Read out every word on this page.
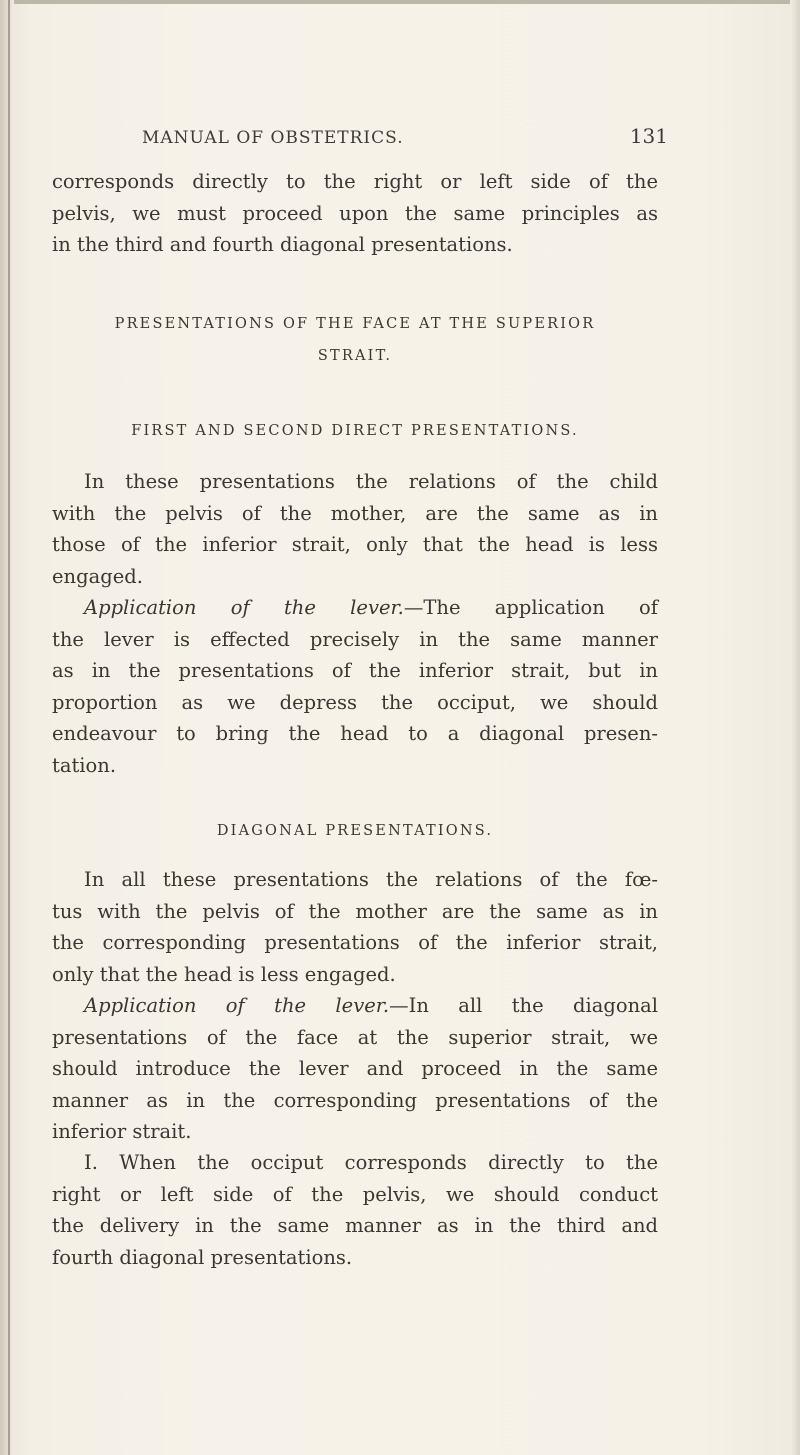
MANUAL OF OBSTETRICS.	131
corresponds directly to the right or left side of the
pelvis, we must proceed upon the same principles as
in the third and fourth diagonal presentations.
PRESENTATIONS OF THE FACE AT THE SUPERIOR
STRAIT.
FIRST AND SECOND DIRECT PRESENTATIONS.
In these presentations the relations of the child
with the pelvis of the mother, are the same as in
those of the inferior strait, only that the head is less
engaged.
Application of the lever.—The application of
the lever is effected precisely in the same manner
as in the presentations of the inferior strait, but in
proportion as we depress the occiput, we should
endeavour to bring the head to a diagonal presen-
tation.
DIAGONAL PRESENTATIONS.
In all these presentations the relations of the fœ-
tus with the pelvis of the mother are the same as in
the corresponding presentations of the inferior strait,
only that the head is less engaged.
Application of the lever.—In all the diagonal
presentations of the face at the superior strait, we
should introduce the lever and proceed in the same
manner as in the corresponding presentations of the
inferior strait.
I. When the occiput corresponds directly to the
right or left side of the pelvis, we should conduct
the delivery in the same manner as in the third and
fourth diagonal presentations.
